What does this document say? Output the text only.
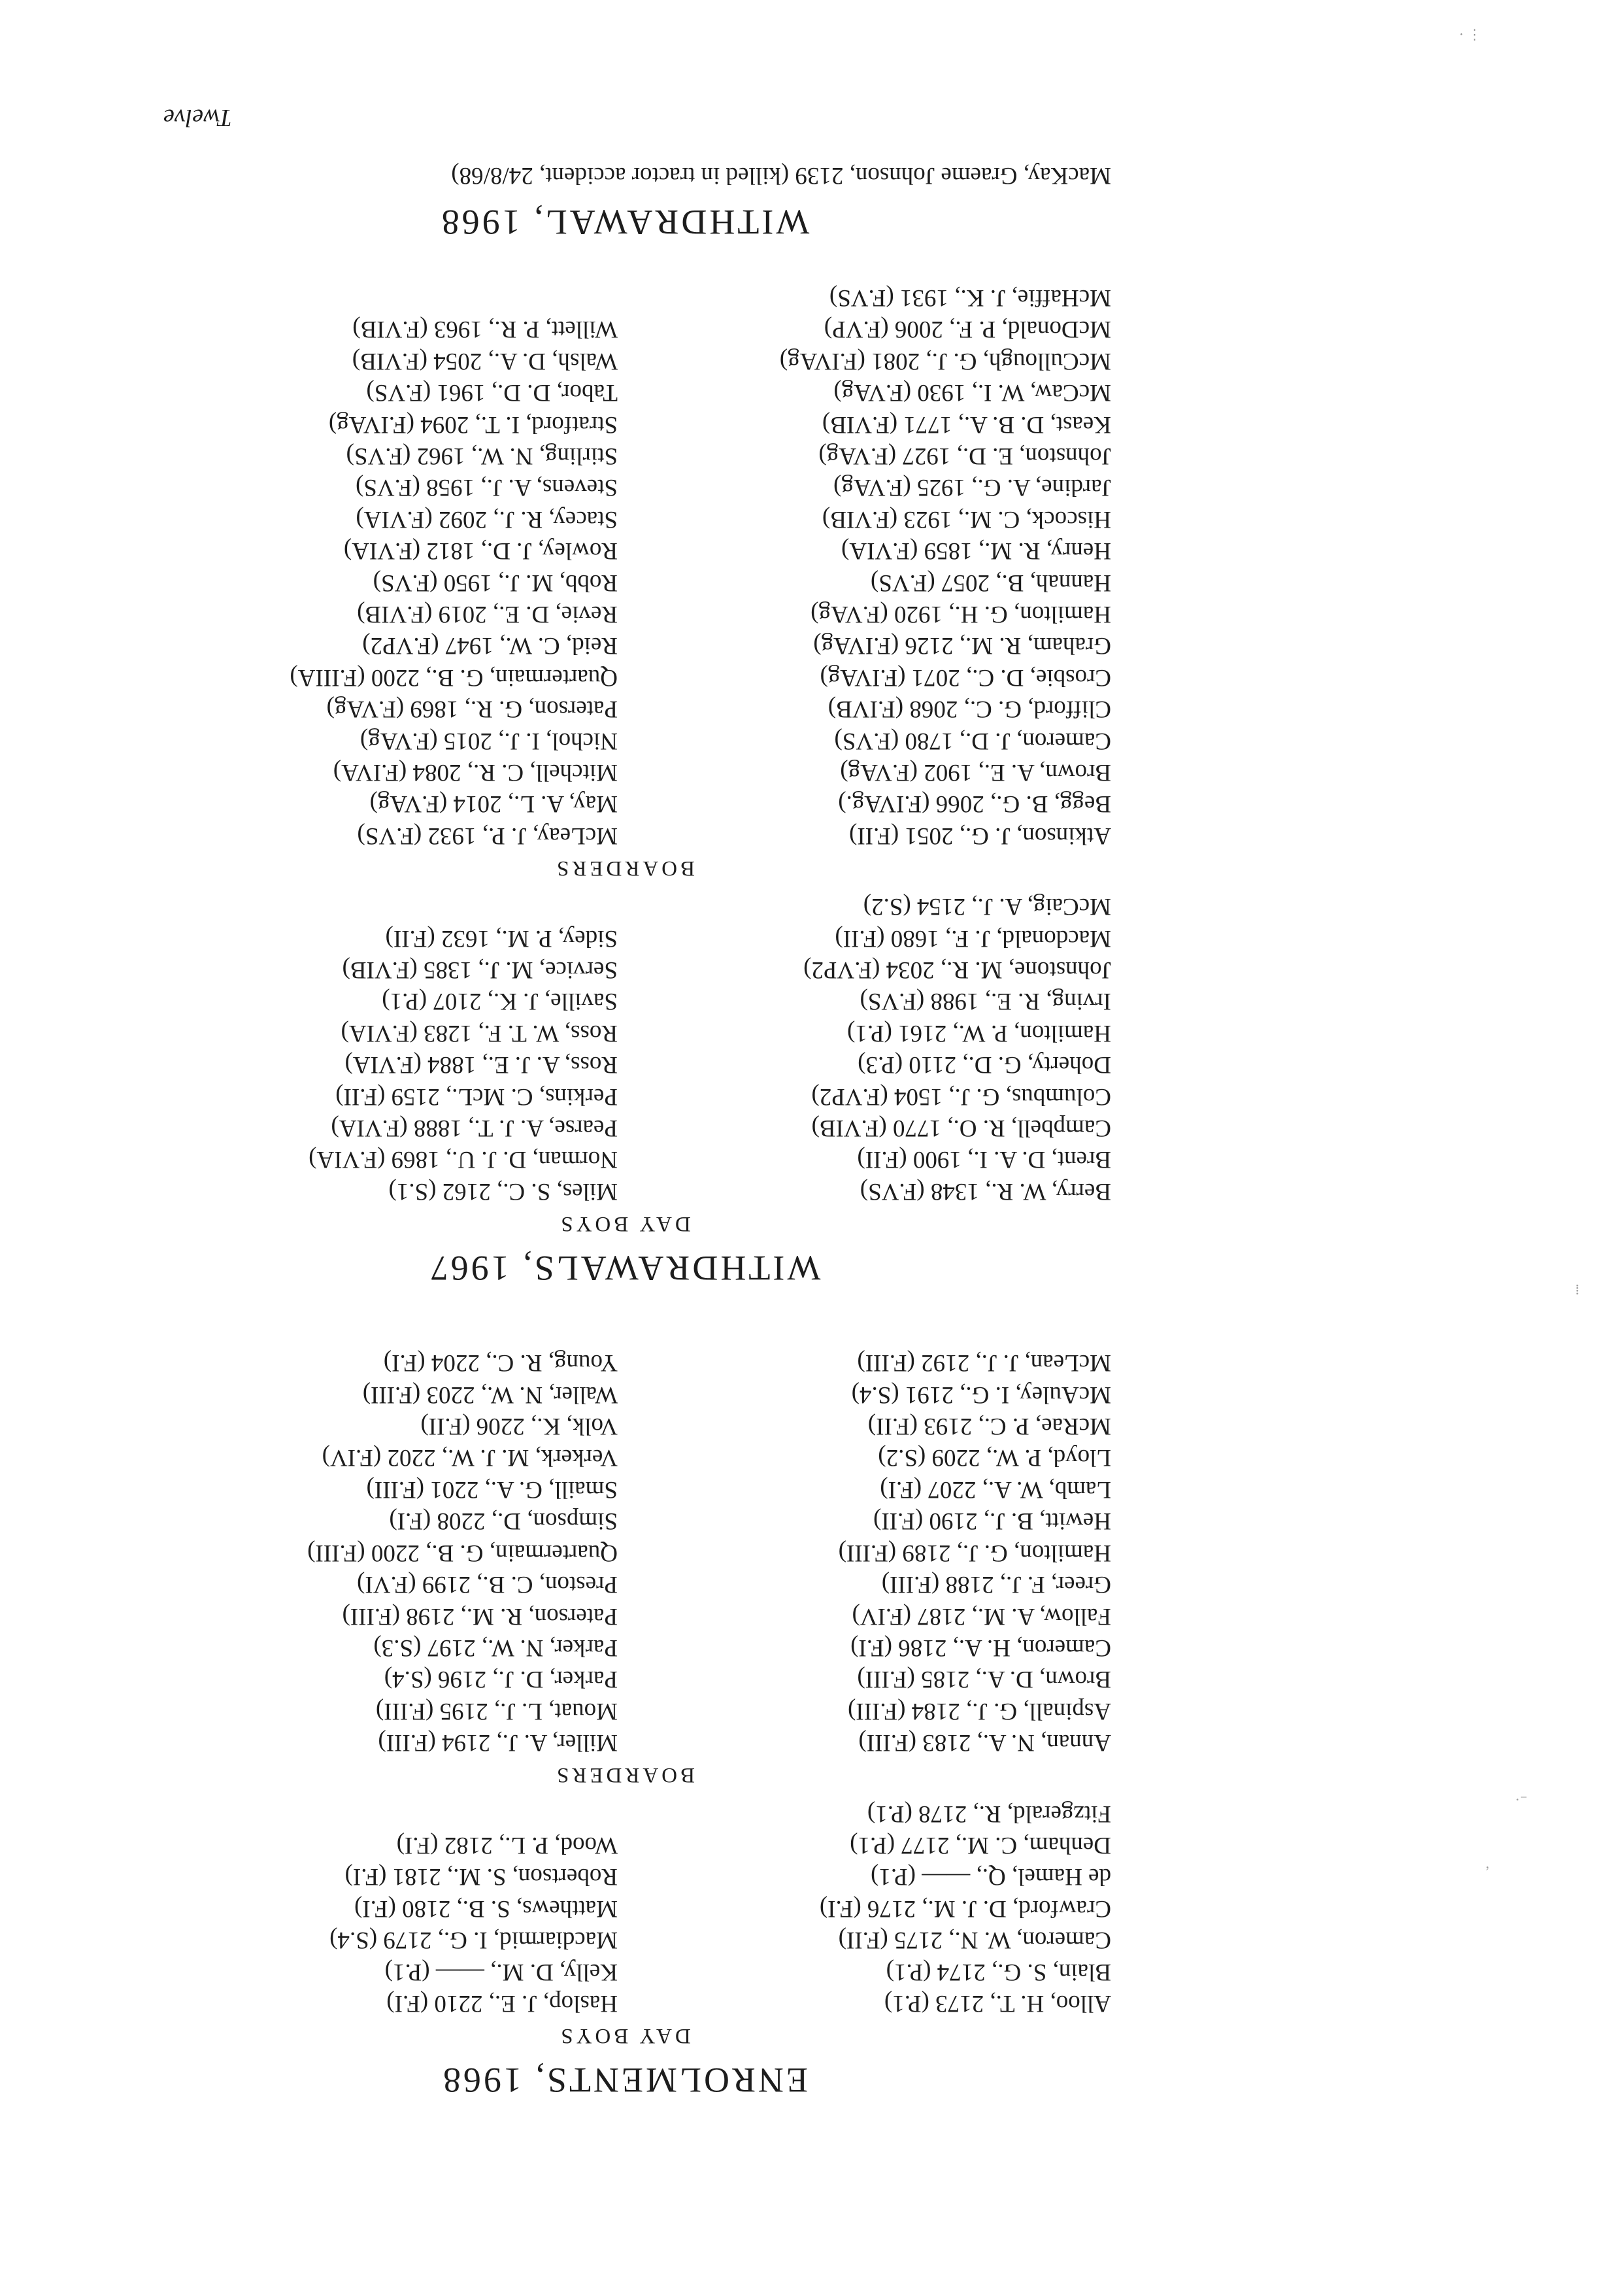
ENROLMENTS, 1968
DAY BOYS
Alloo, H. T., 2173 (P.1)
Blain, S. G., 2174 (P.1)
Cameron, W. N., 2175 (F.II)
Crawford, D. J. M., 2176 (F.I)
de Hamel, Q., —— (P.1)
Denham, C. M., 2177 (P.1)
Fitzgerald, R., 2178 (P.1)
Haslop, J. E., 2210 (F.I)
Kelly, D. M., —— (P.1)
Macdiarmid, I. G., 2179 (S.4)
Matthews, S. B., 2180 (F.I)
Robertson, S. M., 2181 (F.I)
Wood, P. L., 2182 (F.I)
BOARDERS
Annan, N. A., 2183 (F.III)
Aspinall, G. J., 2184 (F.III)
Brown, D. A., 2185 (F.III)
Cameron, H. A., 2186 (F.I)
Fallow, A. M., 2187 (F.IV)
Greer, F. J., 2188 (F.III)
Hamilton, G. J., 2189 (F.III)
Hewitt, B. J., 2190 (F.II)
Lamb, W. A., 2207 (F.I)
Lloyd, P. W., 2209 (S.2)
McRae, P. C., 2193 (F.II)
McAuley, I. G., 2191 (S.4)
McLean, J. J., 2192 (F.III)
Miller, A. J., 2194 (F.III)
Mouat, L. J., 2195 (F.III)
Parker, D. J., 2196 (S.4)
Parker, N. W., 2197 (S.3)
Paterson, R. M., 2198 (F.III)
Preston, C. B., 2199 (F.VI)
Quartermain, G. B., 2200 (F.III)
Simpson, D., 2208 (F.I)
Smaill, G. A., 2201 (F.III)
Verkerk, M. J. W., 2202 (F.IV)
Volk, K., 2206 (F.II)
Waller, N. W., 2203 (F.III)
Young, R. C., 2204 (F.I)
WITHDRAWALS, 1967
DAY BOYS
Berry, W. R., 1348 (F.VS)
Brent, D. A. I., 1900 (F.II)
Campbell, R. O., 1770 (F.VIB)
Columbus, G. J., 1504 (F.VP2)
Doherty, G. D., 2110 (P.3)
Hamilton, P. W., 2161 (P.1)
Irving, R. E., 1988 (F.VS)
Johnstone, M. R., 2034 (F.VP2)
Macdonald, J. F., 1680 (F.II)
McCaig, A. J., 2154 (S.2)
Miles, S. C., 2162 (S.1)
Norman, D. J. U., 1869 (F.VIA)
Pearse, A. J. T., 1888 (F.VIA)
Perkins, C. McL., 2159 (F.II)
Ross, A. J. E., 1884 (F.VIA)
Ross, W. T. F., 1283 (F.VIA)
Saville, J. K., 2107 (P.1)
Service, M. J., 1385 (F.VIB)
Sidey, P. M., 1632 (F.II)
BOARDERS
Atkinson, J. G., 2051 (F.II)
Begg, B. G., 2066 (F.IVAg.)
Brown, A. E., 1902 (F.VAg)
Cameron, J. D., 1780 (F.VS)
Clifford, G. C., 2068 (F.IVB)
Crosbie, D. C., 2071 (F.IVAg)
Graham, R. M., 2126 (F.IVAg)
Hamilton, G. H., 1920 (F.VAg)
Hannah, B., 2057 (F.VS)
Henry, R. M., 1859 (F.VIA)
Hiscock, C. M., 1923 (F.VIB)
Jardine, A. G., 1925 (F.VAg)
Johnston, E. D., 1927 (F.VAg)
Keast, D. B. A., 1771 (F.VIB)
McCaw, W. I., 1930 (F.VAg)
McCullough, G. J., 2081 (F.IVAg)
McDonald, P. F., 2006 (F.VP)
McHaffie, J. K., 1931 (F.VS)
McLeay, J. P., 1932 (F.VS)
May, A. L., 2014 (F.VAg)
Mitchell, C. R., 2084 (F.IVA)
Nichol, I. J., 2015 (F.VAg)
Paterson, G. R., 1869 (F.VAg)
Quartermain, G. B., 2200 (F.IIIA)
Reid, C. W., 1947 (F.VP2)
Revie, D. E., 2019 (F.VIB)
Robb, M. J., 1950 (F.VS)
Rowley, J. D., 1812 (F.VIA)
Stacey, R. J., 2092 (F.VIA)
Stevens, A. J., 1958 (F.VS)
Stirling, N. W., 1962 (F.VS)
Stratford, I. T., 2094 (F.IVAg)
Tabor, D. D., 1961 (F.VS)
Walsh, D. A., 2054 (F.VIB)
Willett, P. R., 1963 (F.VIB)
WITHDRAWAL, 1968
MacKay, Graeme Johnson, 2139 (killed in tractor accident, 24/8/68)
Twelve
⋅ ⋮
·⁻
ʼ
⁞
